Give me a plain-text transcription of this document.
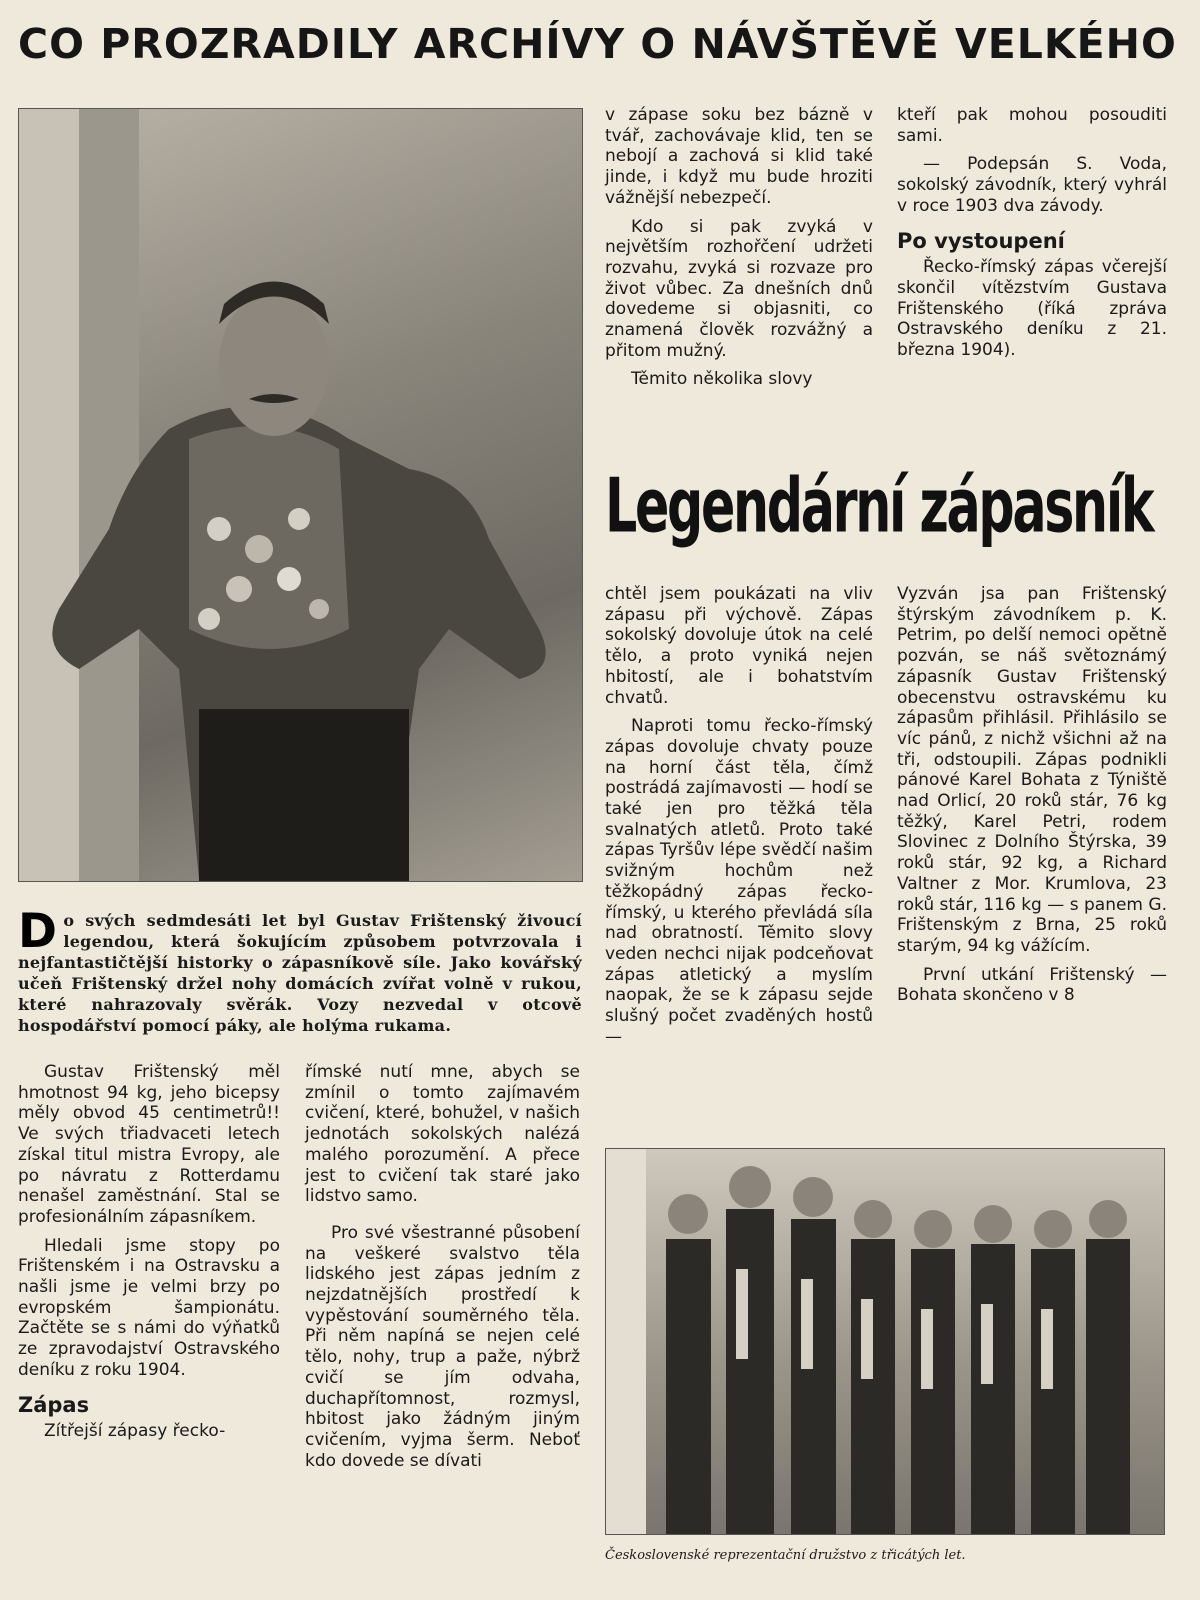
CO PROZRADILY ARCHÍVY O NÁVŠTĚVĚ VELKÉHO
Do svých sedmdesáti let byl Gustav Frištenský živoucí legendou, která šokujícím způsobem potvrzovala i nejfantastičtější historky o zápasníkově síle. Jako kovářský učeň Frištenský držel nohy domácích zvířat volně v rukou, které nahrazovaly svěrák. Vozy nezvedal v otcově hospodářství pomocí páky, ale holýma rukama.

Gustav Frištenský měl hmotnost 94 kg, jeho bicepsy měly obvod 45 centimetrů!! Ve svých třiadvaceti letech získal titul mistra Evropy, ale po návratu z Rotterdamu nenašel zaměstnání. Stal se profesionálním zápasníkem.

Hledali jsme stopy po Frištenském i na Ostravsku a našli jsme je velmi brzy po evropském šampionátu. Začtěte se s námi do výňatků ze zpravodajství Ostravského deníku z roku 1904.

Zápas

Zítřejší zápasy řecko-

římské nutí mne, abych se zmínil o tomto zajímavém cvičení, které, bohužel, v našich jednotách sokolských nalézá malého porozumění. A přece jest to cvičení tak staré jako lidstvo samo.

Pro své všestranné působení na veškeré svalstvo těla lidského jest zápas jedním z nejzdatnějších prostředí k vypěstování souměrného těla. Při něm napíná se nejen celé tělo, nohy, trup a paže, nýbrž cvičí se jím odvaha, duchapřítomnost, rozmysl, hbitost jako žádným jiným cvičením, vyjma šerm. Neboť kdo dovede se dívati

v zápase soku bez bázně v tvář, zachovávaje klid, ten se nebojí a zachová si klid také jinde, i když mu bude hroziti vážnější nebezpečí.

Kdo si pak zvyká v největším rozhořčení udržeti rozvahu, zvyká si rozvaze pro život vůbec. Za dnešních dnů dovedeme si objasniti, co znamená člověk rozvážný a přitom mužný.

Těmito několika slovy

kteří pak mohou posouditi sami.

— Podepsán S. Voda, sokolský závodník, který vyhrál v roce 1903 dva závody.

Po vystoupení

Řecko-římský zápas včerejší skončil vítězstvím Gustava Frištenského (říká zpráva Ostravského deníku z 21. března 1904).

Legendární zápasník

chtěl jsem poukázati na vliv zápasu při výchově. Zápas sokolský dovoluje útok na celé tělo, a proto vyniká nejen hbitostí, ale i bohatstvím chvatů.

Naproti tomu řecko-římský zápas dovoluje chvaty pouze na horní část těla, čímž postrádá zajímavosti — hodí se také jen pro těžká těla svalnatých atletů. Proto také zápas Tyršův lépe svědčí našim svižným hochům než těžkopádný zápas řecko-římský, u kterého převládá síla nad obratností. Těmito slovy veden nechci nijak podceňovat zápas atletický a myslím naopak, že se k zápasu sejde slušný počet zvaděných hostů —

Vyzván jsa pan Frištenský štýrským závodníkem p. K. Petrim, po delší nemoci opětně pozván, se náš světoznámý zápasník Gustav Frištenský obecenstvu ostravskému ku zápasům přihlásil. Přihlásilo se víc pánů, z nichž všichni až na tři, odstoupili. Zápas podnikli pánové Karel Bohata z Týniště nad Orlicí, 20 roků stár, 76 kg těžký, Karel Petri, rodem Slovinec z Dolního Štýrska, 39 roků stár, 92 kg, a Richard Valtner z Mor. Krumlova, 23 roků stár, 116 kg — s panem G. Frištenským z Brna, 25 roků starým, 94 kg vážícím.

První utkání Frištenský —Bohata skončeno v 8

Československé reprezentační družstvo z třicátých let.
